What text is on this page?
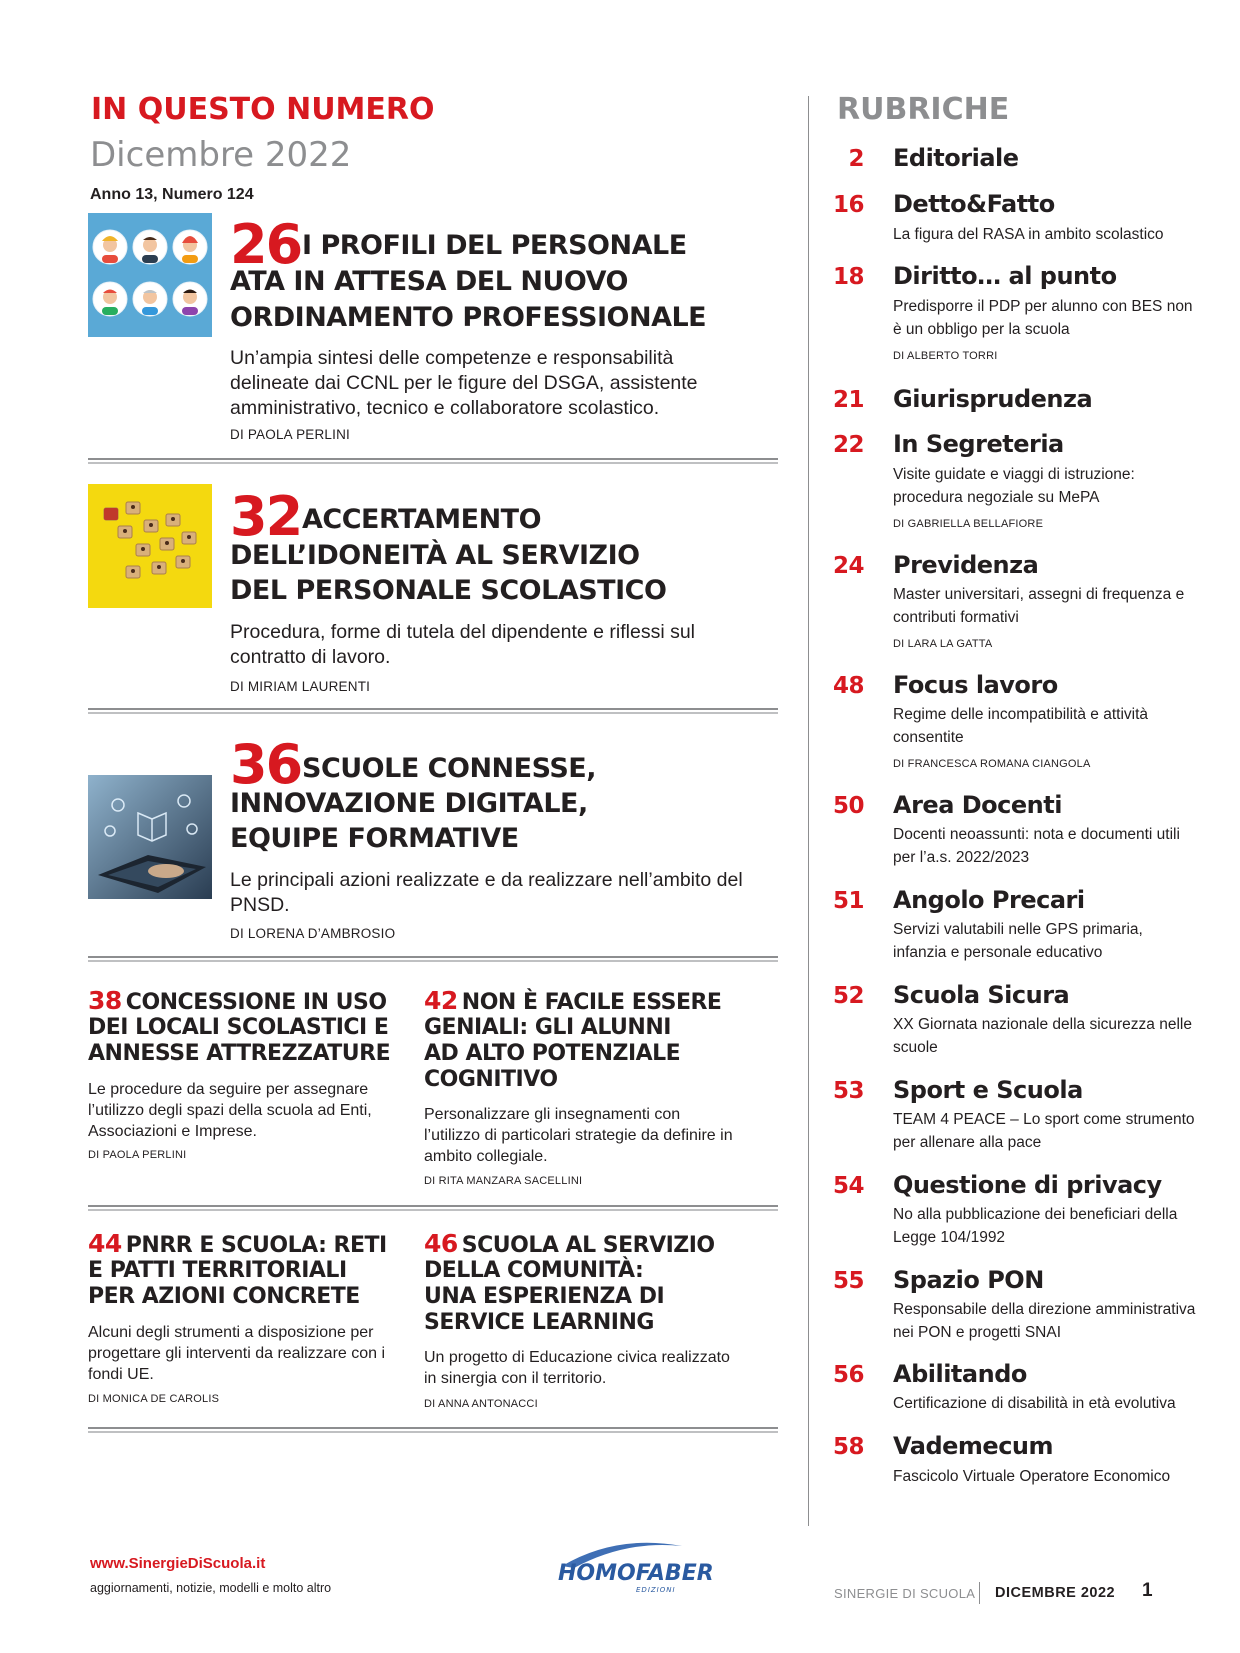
IN QUESTO NUMERO
Dicembre 2022
Anno 13, Numero 124
26 I PROFILI DEL PERSONALE
ATA IN ATTESA DEL NUOVO
ORDINAMENTO PROFESSIONALE
Un’ampia sintesi delle competenze e responsabilità delineate dai CCNL per le figure del DSGA, assistente amministrativo, tecnico e collaboratore scolastico.
DI PAOLA PERLINI
32 ACCERTAMENTO
DELL’IDONEITÀ AL SERVIZIO
DEL PERSONALE SCOLASTICO
Procedura, forme di tutela del dipendente e riflessi sul contratto di lavoro.
DI MIRIAM LAURENTI
36 SCUOLE CONNESSE,
INNOVAZIONE DIGITALE,
EQUIPE FORMATIVE
Le principali azioni realizzate e da realizzare nell’ambito del PNSD.
DI LORENA D’AMBROSIO
38 CONCESSIONE IN USO
DEI LOCALI SCOLASTICI E
ANNESSE ATTREZZATURE
Le procedure da seguire per assegnare l’utilizzo degli spazi della scuola ad Enti, Associazioni e Imprese.
DI PAOLA PERLINI
42 NON È FACILE ESSERE
GENIALI: GLI ALUNNI
AD ALTO POTENZIALE
COGNITIVO
Personalizzare gli insegnamenti con l’utilizzo di particolari strategie da definire in ambito collegiale.
DI RITA MANZARA SACELLINI
44 PNRR E SCUOLA: RETI
E PATTI TERRITORIALI
PER AZIONI CONCRETE
Alcuni degli strumenti a disposizione per progettare gli interventi da realizzare con i fondi UE.
DI MONICA DE CAROLIS
46 SCUOLA AL SERVIZIO
DELLA COMUNITÀ:
UNA ESPERIENZA DI
SERVICE LEARNING
Un progetto di Educazione civica realizzato in sinergia con il territorio.
DI ANNA ANTONACCI
RUBRICHE
2 Editoriale
16 Detto&Fatto
La figura del RASA in ambito scolastico
18 Diritto… al punto
Predisporre il PDP per alunno con BES non è un obbligo per la scuola
DI ALBERTO TORRI
21 Giurisprudenza
22 In Segreteria
Visite guidate e viaggi di istruzione: procedura negoziale su MePA
DI GABRIELLA BELLAFIORE
24 Previdenza
Master universitari, assegni di frequenza e contributi formativi
DI LARA LA GATTA
48 Focus lavoro
Regime delle incompatibilità e attività consentite
DI FRANCESCA ROMANA CIANGOLA
50 Area Docenti
Docenti neoassunti: nota e documenti utili per l’a.s. 2022/2023
51 Angolo Precari
Servizi valutabili nelle GPS primaria, infanzia e personale educativo
52 Scuola Sicura
XX Giornata nazionale della sicurezza nelle scuole
53 Sport e Scuola
TEAM 4 PEACE – Lo sport come strumento per allenare alla pace
54 Questione di privacy
No alla pubblicazione dei beneficiari della Legge 104/1992
55 Spazio PON
Responsabile della direzione amministrativa nei PON e progetti SNAI
56 Abilitando
Certificazione di disabilità in età evolutiva
58 Vademecum
Fascicolo Virtuale Operatore Economico
www.SinergieDiScuola.it
aggiornamenti, notizie, modelli e molto altro
HOMOFABER
EDIZIONI	SINERGIE DI SCUOLA DICEMBRE 2022 1
